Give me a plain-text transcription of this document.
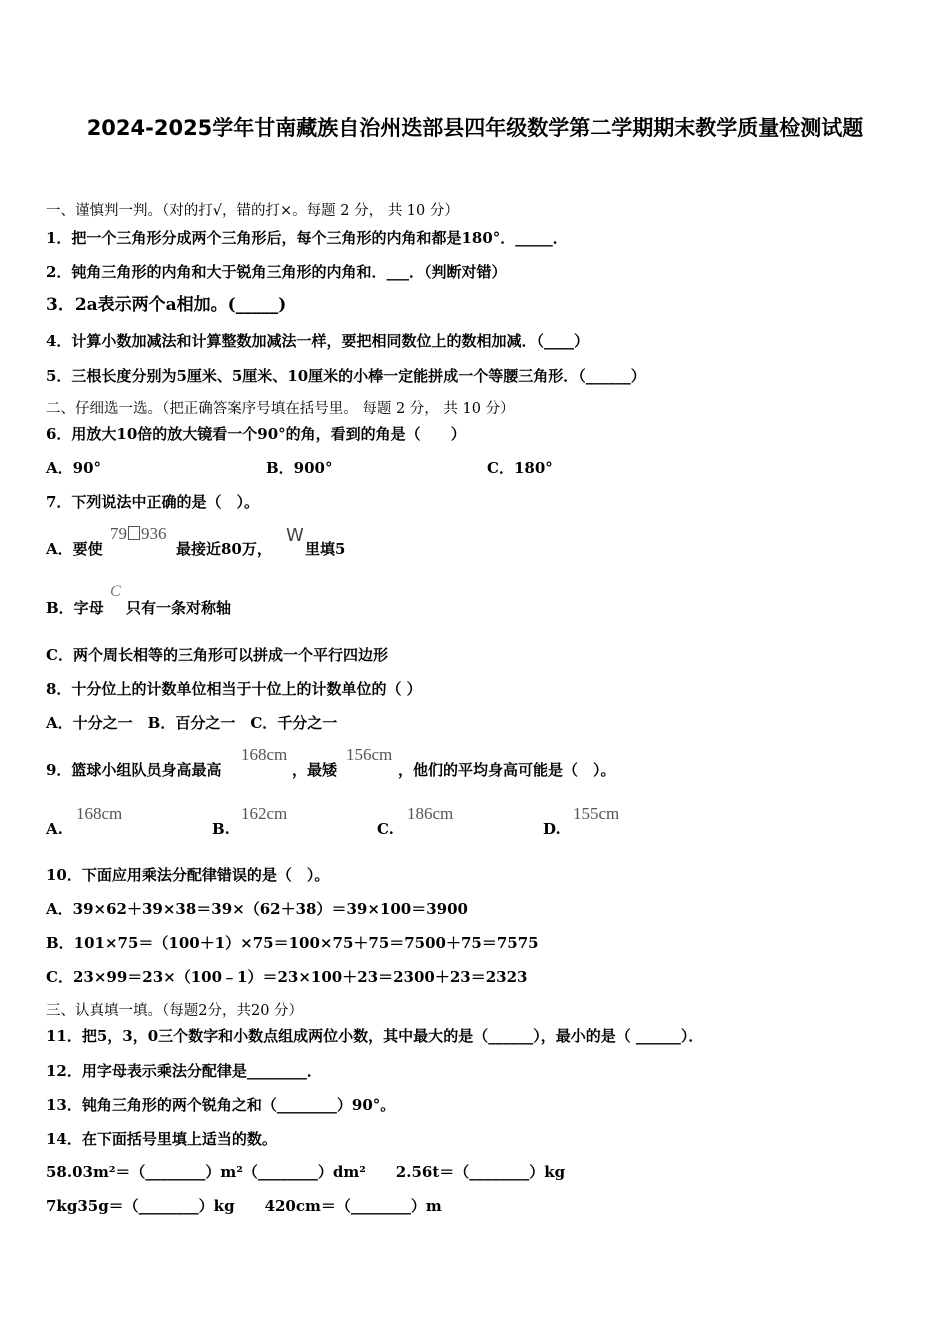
2024-2025学年甘南藏族自治州迭部县四年级数学第二学期期末教学质量检测试题
一、谨慎判一判。（对的打√，错的打×。每题 2 分， 共 10 分）
1．把一个三角形分成两个三角形后，每个三角形的内角和都是180°．_____．
2．钝角三角形的内角和大于锐角三角形的内角和．___．（判断对错）
3．2a表示两个a相加。(_____)
4．计算小数加减法和计算整数加减法一样，要把相同数位上的数相加减．（____）
5．三根长度分别为5厘米、5厘米、10厘米的小棒一定能拼成一个等腰三角形．（______）
二、仔细选一选。（把正确答案序号填在括号里。 每题 2 分， 共 10 分）
6．用放大10倍的放大镜看一个90°的角，看到的角是（　　）
A．90°	B．900°	C．180°
7．下列说法中正确的是（　）。
A．要使
79 936
最接近80万，
W
里填5
B．字母
C
只有一条对称轴
C．两个周长相等的三角形可以拼成一个平行四边形
8．十分位上的计数单位相当于十位上的计数单位的（ ）
A．十分之一　B．百分之一　C．千分之一
9．篮球小组队员身高最高
168cm
，最矮
156cm
，他们的平均身高可能是（　）。
A.
168cm
B.
162cm
C.
186cm
D.
155cm
10．下面应用乘法分配律错误的是（　）。
A．39×62＋39×38＝39×（62＋38）＝39×100＝3900
B．101×75＝（100＋1）×75＝100×75＋75＝7500＋75＝7575
C．23×99＝23×（100﹣1）＝23×100＋23＝2300＋23＝2323
三、认真填一填。（每题2分，共20 分）
11．把5，3，0三个数字和小数点组成两位小数，其中最大的是（______），最小的是（ ______）．
12．用字母表示乘法分配律是________．
13．钝角三角形的两个锐角之和（________）90°。
14．在下面括号里填上适当的数。
58.03m²＝（________）m²（________）dm²　　2.56t＝（________）kg
7kg35g＝（________）kg　　420cm＝（________）m
